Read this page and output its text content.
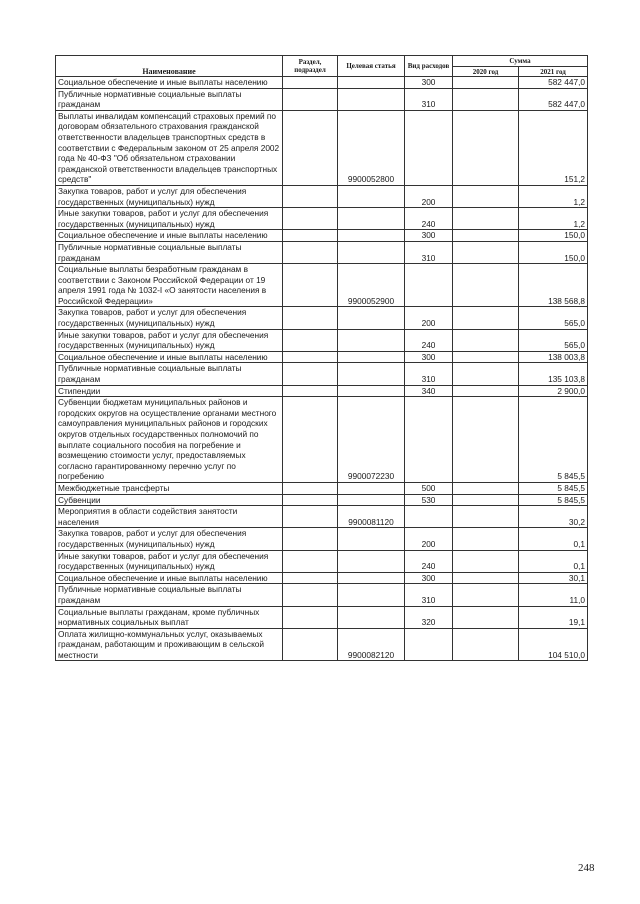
Наименование	Раздел, подраздел	Целевая статья	Вид расходов	Сумма	
				2020 год	2021 год
Социальное обеспечение и иные выплаты населению			300		582 447,0
Публичные нормативные социальные выплаты гражданам			310		582 447,0
Выплаты инвалидам компенсаций страховых премий по договорам обязательного страхования гражданской ответственности владельцев транспортных средств в соответствии с Федеральным законом от 25 апреля 2002 года № 40-ФЗ "Об обязательном страховании гражданской ответственности владельцев транспортных средств"		9900052800			151,2
Закупка товаров, работ и услуг для обеспечения государственных (муниципальных) нужд			200		1,2
Иные закупки товаров, работ и услуг для обеспечения государственных (муниципальных) нужд			240		1,2
Социальное обеспечение и иные выплаты населению			300		150,0
Публичные нормативные социальные выплаты гражданам			310		150,0
Социальные выплаты безработным гражданам в соответствии с Законом Российской Федерации от 19 апреля 1991 года № 1032-I «О занятости населения в Российской Федерации»		9900052900			138 568,8
Закупка товаров, работ и услуг для обеспечения государственных (муниципальных) нужд			200		565,0
Иные закупки товаров, работ и услуг для обеспечения государственных (муниципальных) нужд			240		565,0
Социальное обеспечение и иные выплаты населению			300		138 003,8
Публичные нормативные социальные выплаты гражданам			310		135 103,8
Стипендии			340		2 900,0
Субвенции бюджетам муниципальных районов и городских округов на осуществление органами местного самоуправления муниципальных районов и городских округов отдельных государственных полномочий по выплате социального пособия на погребение и возмещению стоимости услуг, предоставляемых согласно гарантированному перечню услуг по погребению		9900072230			5 845,5
Межбюджетные трансферты			500		5 845,5
Субвенции			530		5 845,5
Мероприятия в области содействия занятости населения		9900081120			30,2
Закупка товаров, работ и услуг для обеспечения государственных (муниципальных) нужд			200		0,1
Иные закупки товаров, работ и услуг для обеспечения государственных (муниципальных) нужд			240		0,1
Социальное обеспечение и иные выплаты населению			300		30,1
Публичные нормативные социальные выплаты гражданам			310		11,0
Социальные выплаты гражданам, кроме публичных нормативных социальных выплат			320		19,1
Оплата жилищно-коммунальных услуг, оказываемых гражданам, работающим и проживающим в сельской местности		9900082120			104 510,0
248
